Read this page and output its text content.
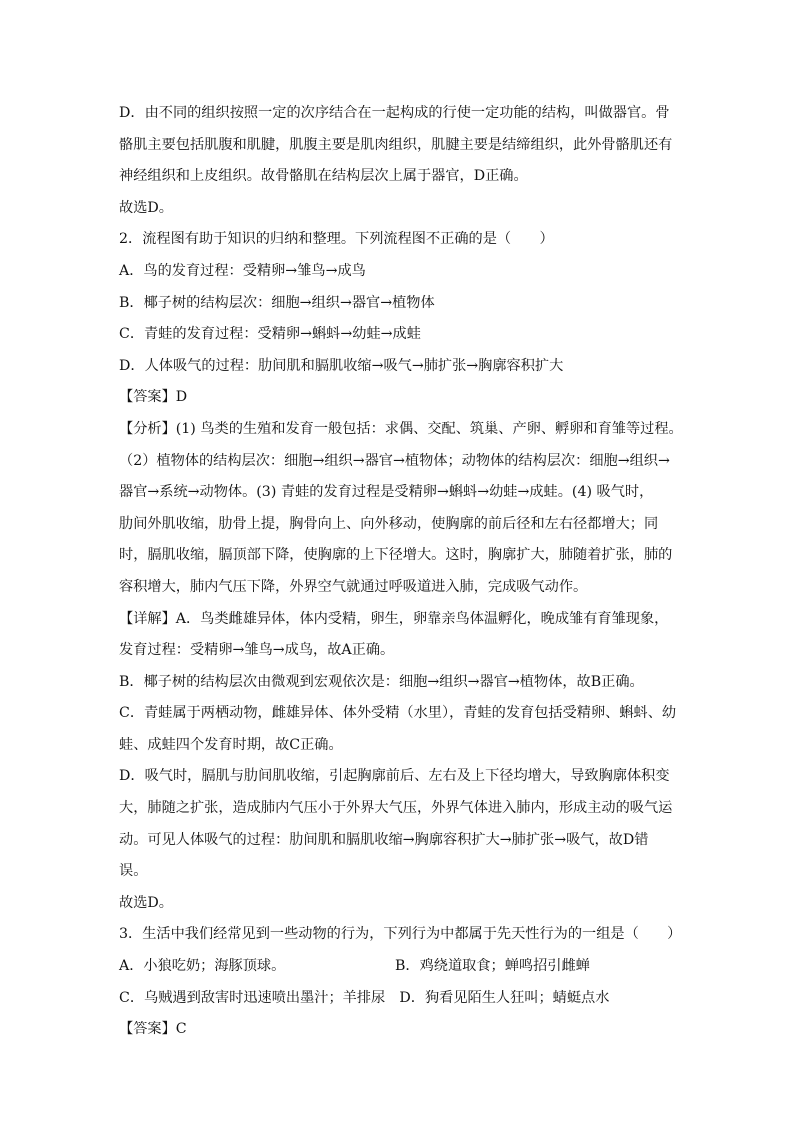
D．由不同的组织按照一定的次序结合在一起构成的行使一定功能的结构，叫做器官。骨
骼肌主要包括肌腹和肌腱，肌腹主要是肌肉组织，肌腱主要是结缔组织，此外骨骼肌还有
神经组织和上皮组织。故骨骼肌在结构层次上属于器官，D正确。
故选D。
2．流程图有助于知识的归纳和整理。下列流程图不正确的是（　　）
A．鸟的发育过程：受精卵→雏鸟→成鸟
B．椰子树的结构层次：细胞→组织→器官→植物体
C．青蛙的发育过程：受精卵→蝌蚪→幼蛙→成蛙
D．人体吸气的过程：肋间肌和膈肌收缩→吸气→肺扩张→胸廓容积扩大
【答案】D
【分析】(1) 鸟类的生殖和发育一般包括：求偶、交配、筑巢、产卵、孵卵和育雏等过程。
（2）植物体的结构层次：细胞→组织→器官→植物体；动物体的结构层次：细胞→组织→
器官→系统→动物体。(3) 青蛙的发育过程是受精卵→蝌蚪→幼蛙→成蛙。(4) 吸气时，
肋间外肌收缩，肋骨上提，胸骨向上、向外移动，使胸廓的前后径和左右径都增大；同
时，膈肌收缩，膈顶部下降，使胸廓的上下径增大。这时，胸廓扩大，肺随着扩张，肺的
容积增大，肺内气压下降，外界空气就通过呼吸道进入肺，完成吸气动作。
【详解】A．鸟类雌雄异体，体内受精，卵生，卵靠亲鸟体温孵化，晚成雏有育雏现象，
发育过程：受精卵→雏鸟→成鸟，故A正确。
B．椰子树的结构层次由微观到宏观依次是：细胞→组织→器官→植物体，故B正确。
C．青蛙属于两栖动物，雌雄异体、体外受精（水里），青蛙的发育包括受精卵、蝌蚪、幼
蛙、成蛙四个发育时期，故C正确。
D．吸气时，膈肌与肋间肌收缩，引起胸廓前后、左右及上下径均增大，导致胸廓体积变
大，肺随之扩张，造成肺内气压小于外界大气压，外界气体进入肺内，形成主动的吸气运
动。可见人体吸气的过程：肋间肌和膈肌收缩→胸廓容积扩大→肺扩张→吸气，故D错
误。
故选D。
3．生活中我们经常见到一些动物的行为，下列行为中都属于先天性行为的一组是（　　）
A．小狼吃奶；海豚顶球。	B．鸡绕道取食；蝉鸣招引雌蝉
C．乌贼遇到敌害时迅速喷出墨汁；羊排尿　D．狗看见陌生人狂叫；蜻蜓点水
【答案】C
